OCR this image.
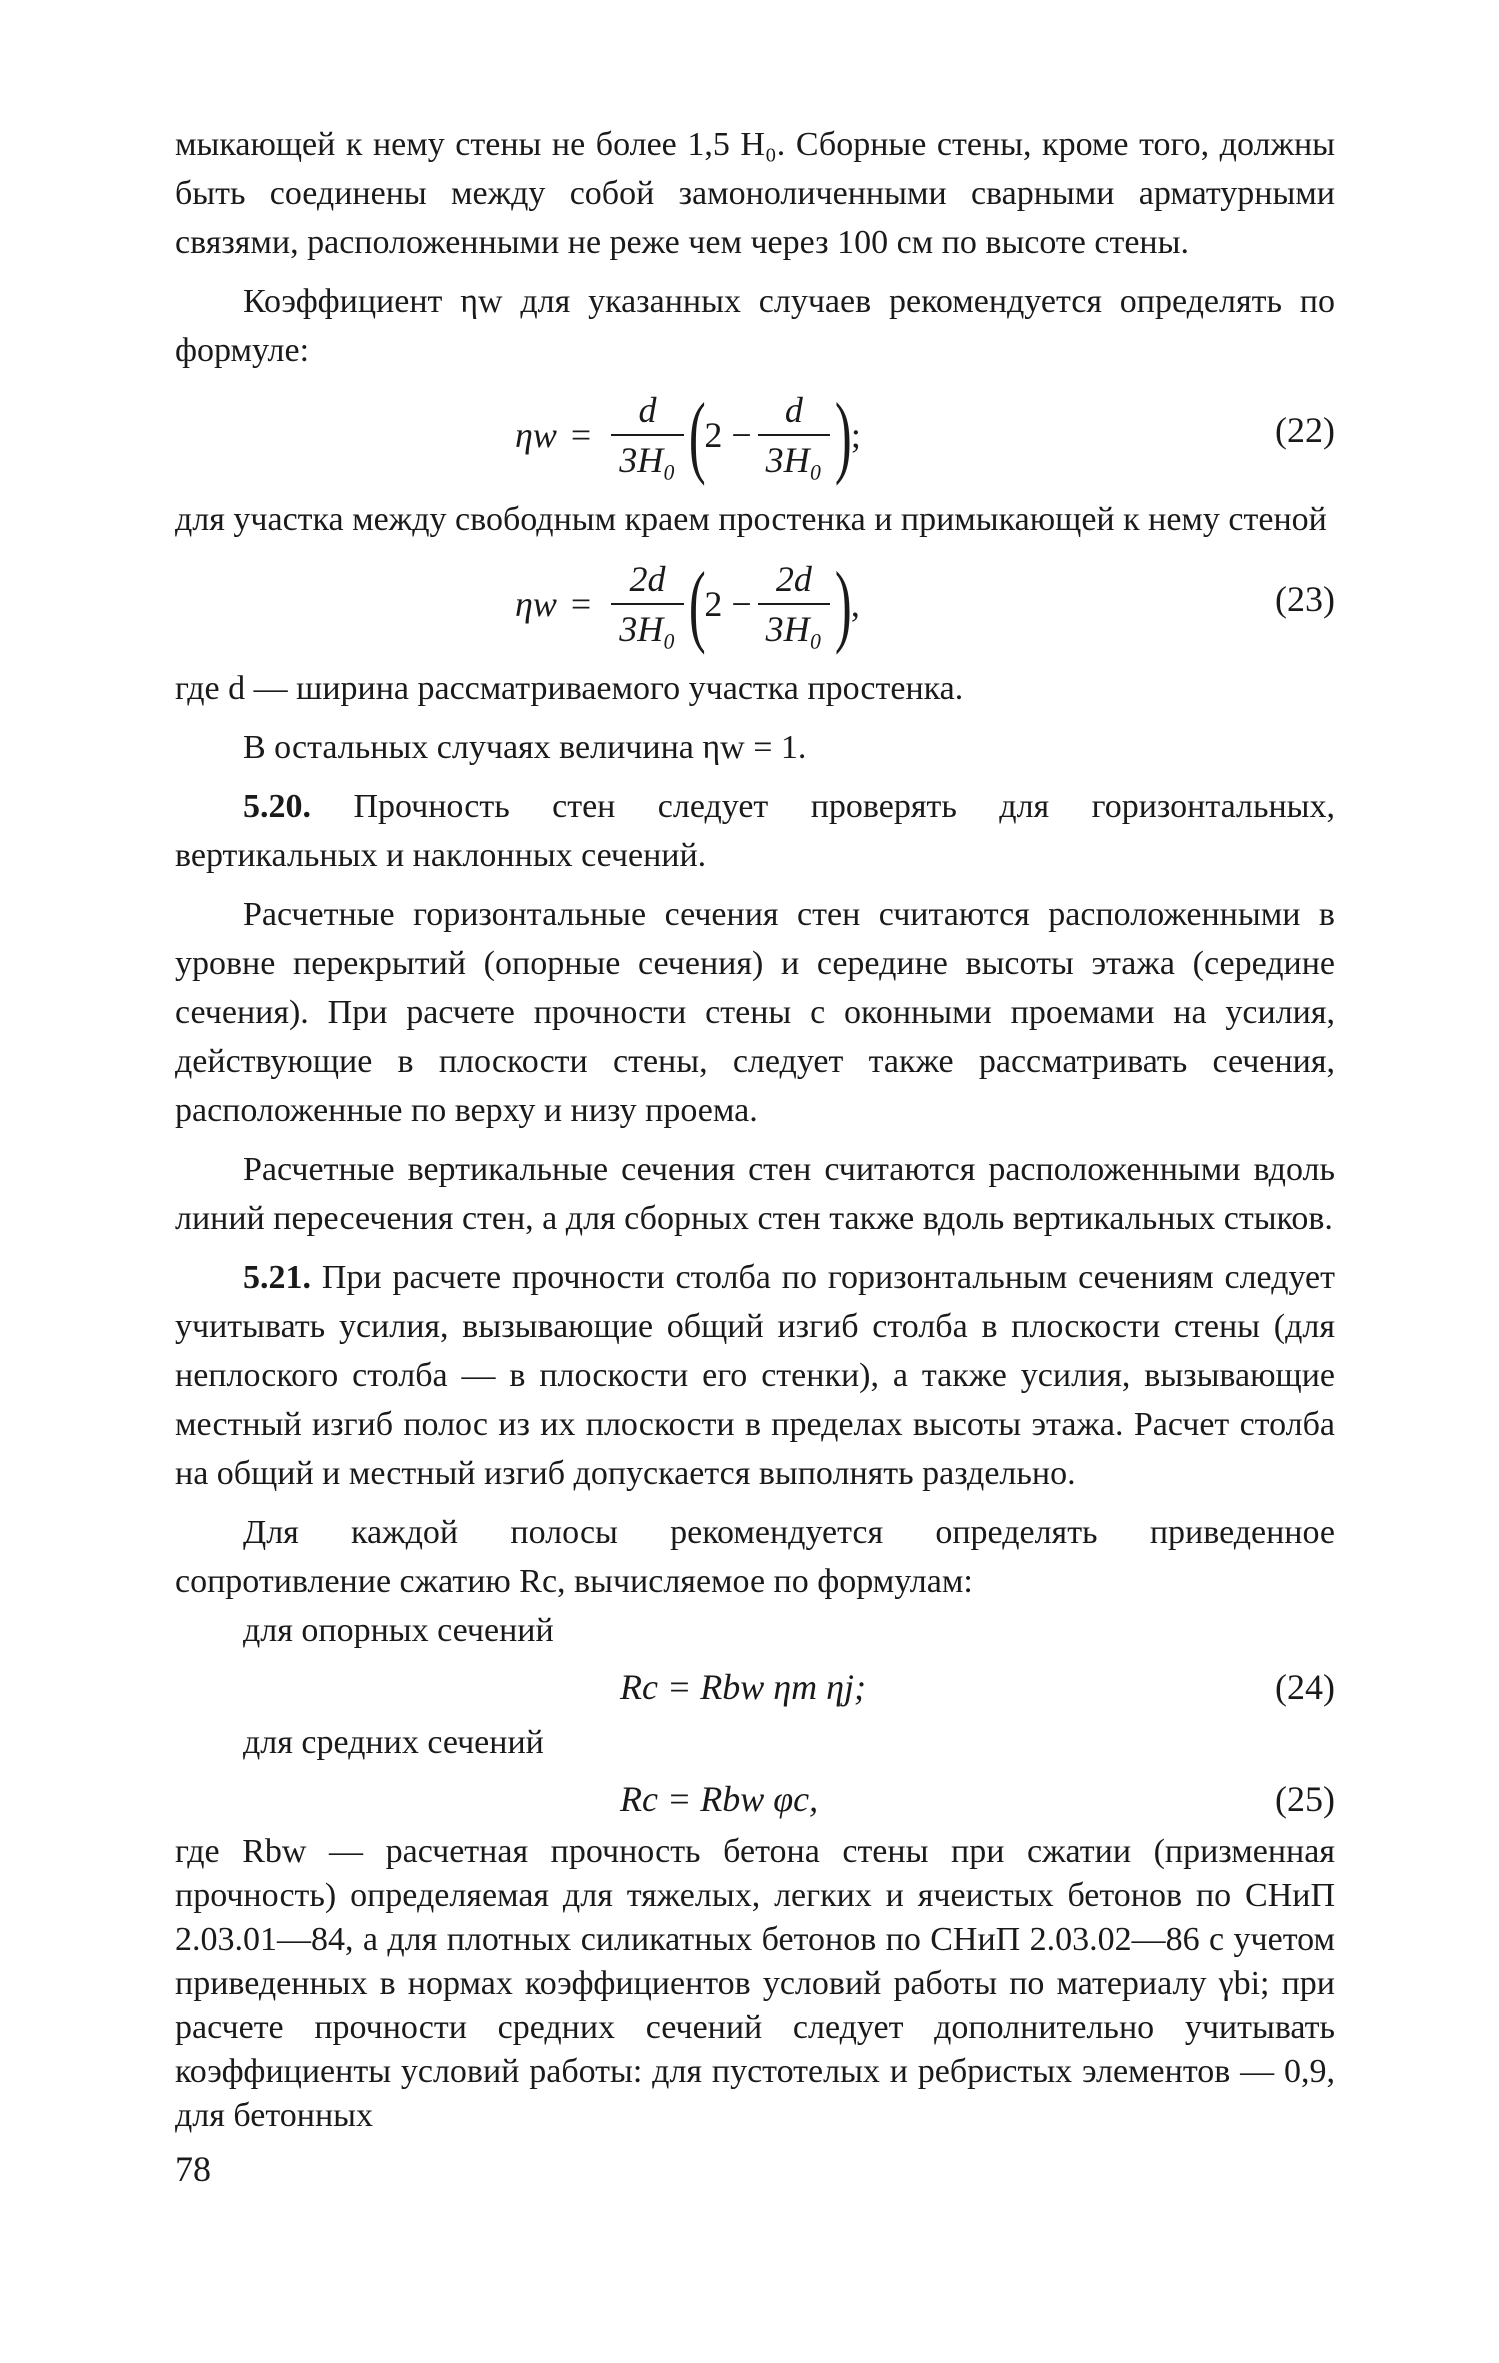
мыкающей к нему стены не более 1,5 H₀. Сборные стены, кроме того, должны быть соединены между собой замоноличенными сварными арматурными связями, расположенными не реже чем через 100 см по высоте стены.

Коэффициент ηw для указанных случаев рекомендуется определять по формуле:

$\eta w = \frac{d}{\text{3H₀}}$ (
$2 - \frac{d}{\text{3H₀}}$ )
;	(22)

для участка между свободным краем простенка и примыкающей к нему стеной

$\eta w = \frac{2d}{\text{3H₀}}$ (
$2 - \frac{2d}{\text{3H₀}}$ )
,	(23)

где d — ширина рассматриваемого участка простенка.

В остальных случаях величина ηw = 1.

5.20. Прочность стен следует проверять для горизонтальных, вертикальных и наклонных сечений.

Расчетные горизонтальные сечения стен считаются расположенными в уровне перекрытий (опорные сечения) и середине высоты этажа (середине сечения). При расчете прочности стены с оконными проемами на усилия, действующие в плоскости стены, следует также рассматривать сечения, расположенные по верху и низу проема.

Расчетные вертикальные сечения стен считаются расположенными вдоль линий пересечения стен, а для сборных стен также вдоль вертикальных стыков.

5.21. При расчете прочности столба по горизонтальным сечениям следует учитывать усилия, вызывающие общий изгиб столба в плоскости стены (для неплоского столба — в плоскости его стенки), а также усилия, вызывающие местный изгиб полос из их плоскости в пределах высоты этажа. Расчет столба на общий и местный изгиб допускается выполнять раздельно.

Для каждой полосы рекомендуется определять приведенное сопротивление сжатию Rc, вычисляемое по формулам:

для опорных сечений
Rc = Rbw ηm ηj;	(24)
для средних сечений
Rc = Rbw φc,	(25)

где Rbw — расчетная прочность бетона стены при сжатии (призменная прочность) определяемая для тяжелых, легких и ячеистых бетонов по СНиП 2.03.01—84, а для плотных силикатных бетонов по СНиП 2.03.02—86 с учетом приведенных в нормах коэффициентов условий работы по материалу γbi; при расчете прочности средних сечений следует дополнительно учитывать коэффициенты условий работы: для пустотелых и ребристых элементов — 0,9, для бетонных

78
